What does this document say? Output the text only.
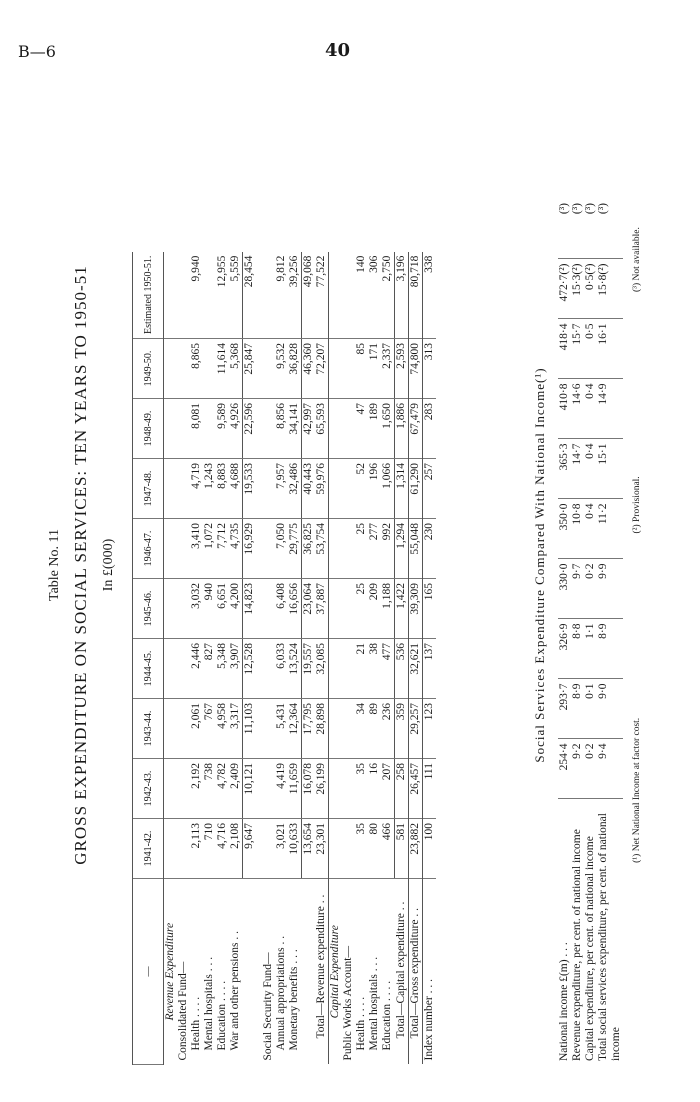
B—6	40
Table No. 11 GROSS EXPENDITURE ON SOCIAL SERVICES: TEN YEARS TO 1950-51 In £(000)
—	1941-42.	1942-43.	1943-44.	1944-45.	1945-46.	1946-47.	1947-48.	1948-49.	1949-50.	Estimated 1950-51.
Revenue Expenditure										
Consolidated Fund—										
Health . . . .	2,113	2,192	2,061	2,446	3,032	3,410	4,719	8,081	8,865	9,940
Mental hospitals . . .	710	738	767	827	940	1,072	1,243			
Education . . . .	4,716	4,782	4,958	5,348	6,651	7,712	8,883	9,589	11,614	12,955
War and other pensions . .	2,108	2,409	3,317	3,907	4,200	4,735	4,688	4,926	5,368	5,559
	9,647	10,121	11,103	12,528	14,823	16,929	19,533	22,596	25,847	28,454

Social Security Fund—										
Annual appropriations . .	3,021	4,419	5,431	6,033	6,408	7,050	7,957	8,856	9,532	9,812
Monetary benefits . . .	10,633	11,659	12,364	13,524	16,656	29,775	32,486	34,141	36,828	39,256
	13,654	16,078	17,795	19,557	23,064	36,825	40,443	42,997	46,360	49,068
Total—Revenue expenditure . .	23,301	26,199	28,898	32,085	37,887	53,754	59,976	65,593	72,207	77,522
Capital Expenditure										
Public Works Account—										
Health . . . .	35	35	34	21	25	25	52	47	85	140
Mental hospitals . . .	80	16	89	38	209	277	196	189	171	306
Education . . . .	466	207	236	477	1,188	992	1,066	1,650	2,337	2,750
Total—Capital expenditure . .	581	258	359	536	1,422	1,294	1,314	1,886	2,593	3,196
Total—Gross expenditure . .	23,882	26,457	29,257	32,621	39,309	55,048	61,290	67,479	74,800	80,718
Index number . . .	100	111	123	137	165	230	257	283	313	338
Social Services Expenditure Compared With National Income(¹)
National income £(m) . . .	254·4	293·7	326·9	330·0	350·0	365·3	410·8	418·4	472·7(²)	(³)
Revenue expenditure, per cent. of national income	9·2	8·9	8·8	9·7	10·8	14·7	14·6	15·7	15·3(²)	(³)
Capital expenditure, per cent. of national income	0·2	0·1	1·1	0·2	0·4	0·4	0·4	0·5	0·5(²)	(³)
Total social services expenditure, per cent. of national	9·4	9·0	8·9	9·9	11·2	15·1	14·9	16·1	15·8(²)	(³)
income										
(¹) Net National Income at factor cost.
(²) Provisional.
(³) Not available.
